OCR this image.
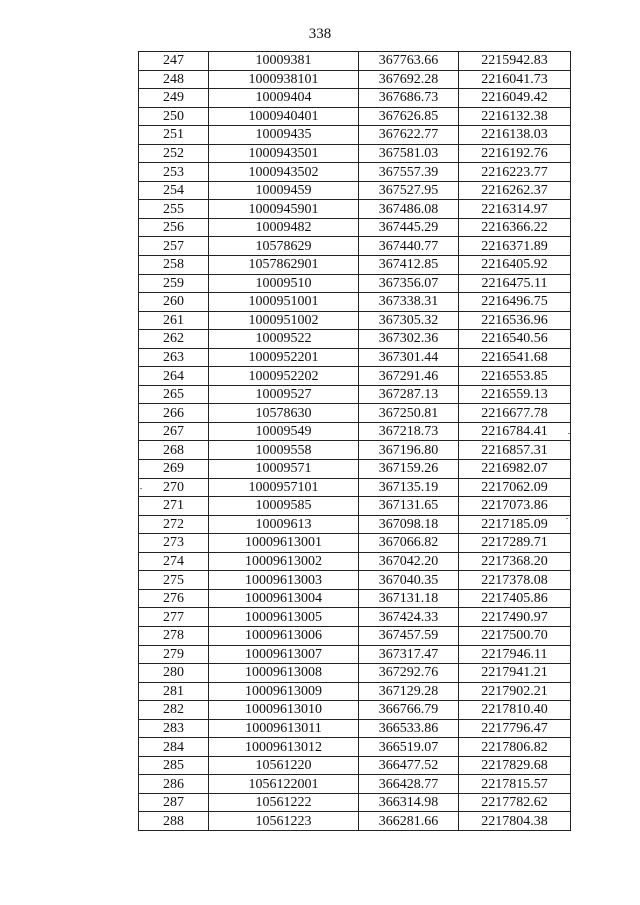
338
247	10009381	367763.66	2215942.83
248	1000938101	367692.28	2216041.73
249	10009404	367686.73	2216049.42
250	1000940401	367626.85	2216132.38
251	10009435	367622.77	2216138.03
252	1000943501	367581.03	2216192.76
253	1000943502	367557.39	2216223.77
254	10009459	367527.95	2216262.37
255	1000945901	367486.08	2216314.97
256	10009482	367445.29	2216366.22
257	10578629	367440.77	2216371.89
258	1057862901	367412.85	2216405.92
259	10009510	367356.07	2216475.11
260	1000951001	367338.31	2216496.75
261	1000951002	367305.32	2216536.96
262	10009522	367302.36	2216540.56
263	1000952201	367301.44	2216541.68
264	1000952202	367291.46	2216553.85
265	10009527	367287.13	2216559.13
266	10578630	367250.81	2216677.78
267	10009549	367218.73	2216784.41
268	10009558	367196.80	2216857.31
269	10009571	367159.26	2216982.07
270	1000957101	367135.19	2217062.09
271	10009585	367131.65	2217073.86
272	10009613	367098.18	2217185.09
273	10009613001	367066.82	2217289.71
274	10009613002	367042.20	2217368.20
275	10009613003	367040.35	2217378.08
276	10009613004	367131.18	2217405.86
277	10009613005	367424.33	2217490.97
278	10009613006	367457.59	2217500.70
279	10009613007	367317.47	2217946.11
280	10009613008	367292.76	2217941.21
281	10009613009	367129.28	2217902.21
282	10009613010	366766.79	2217810.40
283	10009613011	366533.86	2217796.47
284	10009613012	366519.07	2217806.82
285	10561220	366477.52	2217829.68
286	1056122001	366428.77	2217815.57
287	10561222	366314.98	2217782.62
288	10561223	366281.66	2217804.38
